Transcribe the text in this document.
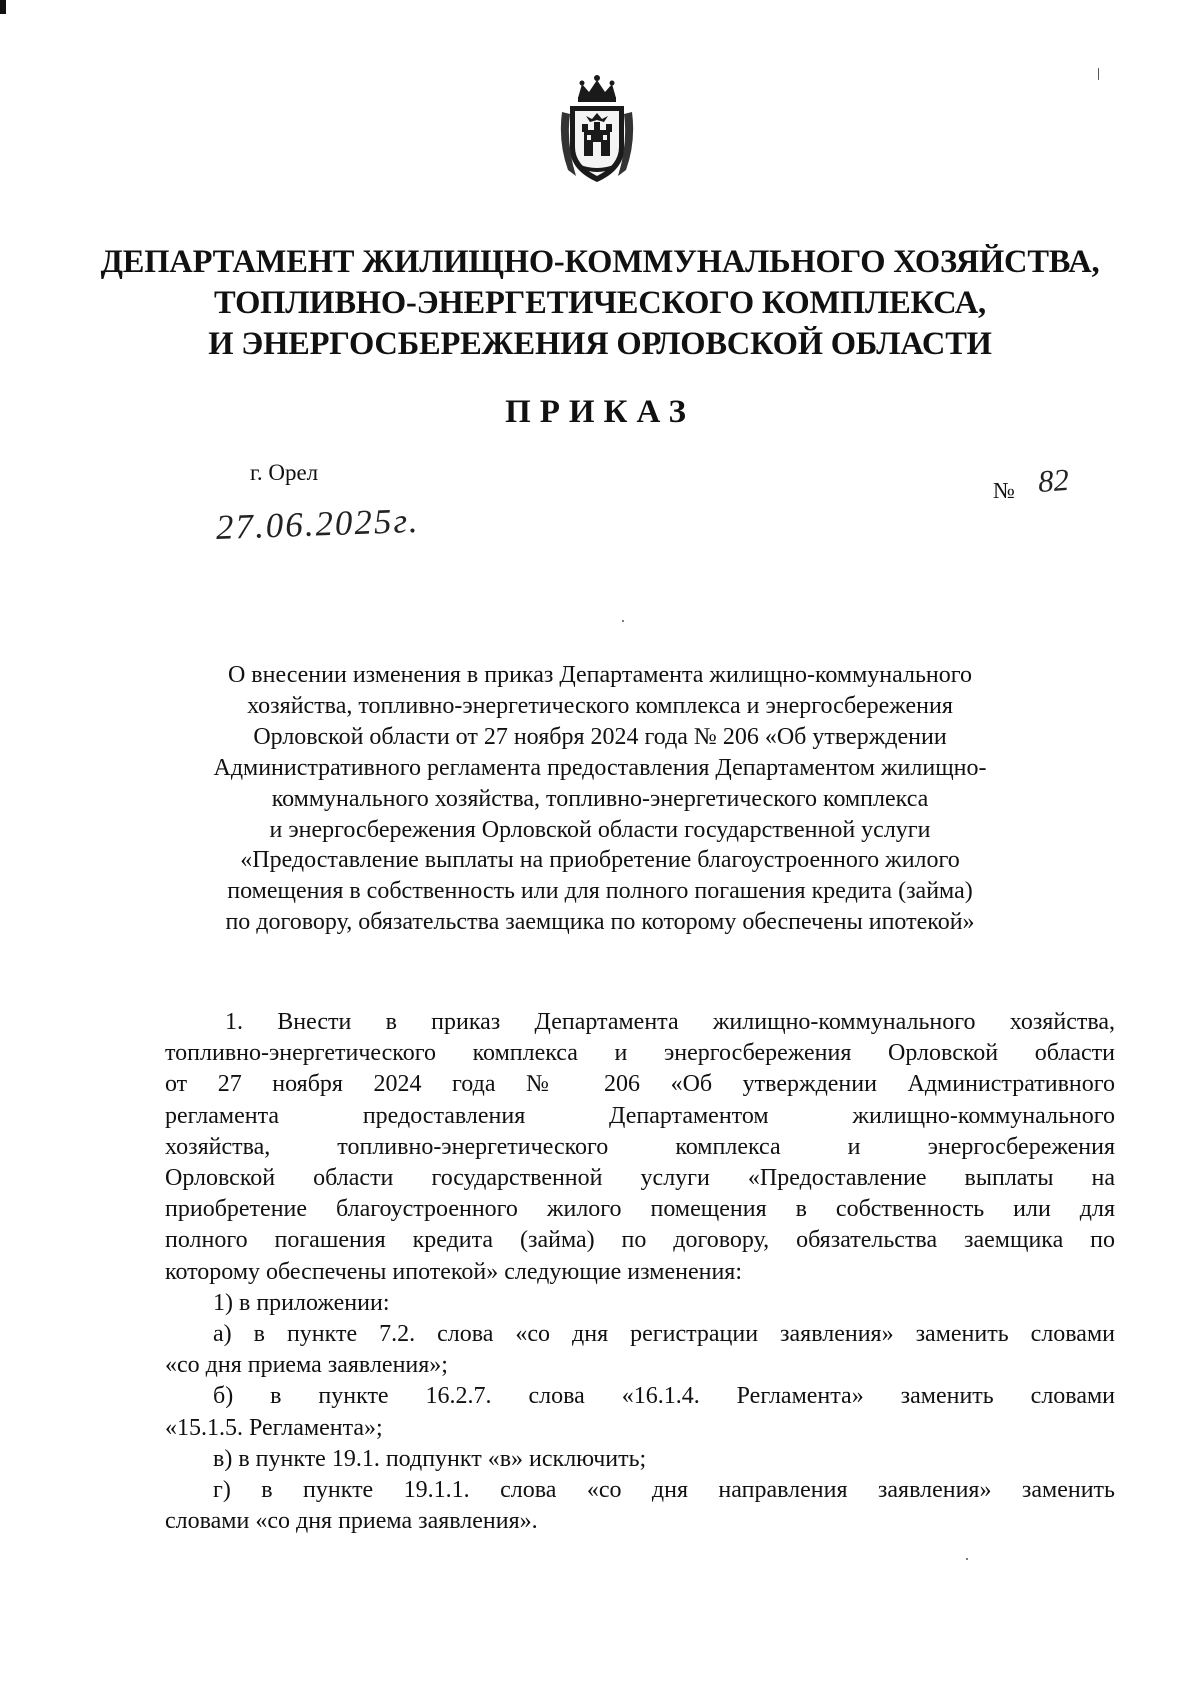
ДЕПАРТАМЕНТ ЖИЛИЩНО-КОММУНАЛЬНОГО ХОЗЯЙСТВА,
ТОПЛИВНО-ЭНЕРГЕТИЧЕСКОГО КОМПЛЕКСА,
И ЭНЕРГОСБЕРЕЖЕНИЯ ОРЛОВСКОЙ ОБЛАСТИ
ПРИКАЗ
г. Орел
№ 82
27.06.2025г.
О внесении изменения в приказ Департамента жилищно-коммунального
хозяйства, топливно-энергетического комплекса и энергосбережения
Орловской области от 27 ноября 2024 года № 206 «Об утверждении
Административного регламента предоставления Департаментом жилищно-
коммунального хозяйства, топливно-энергетического комплекса
и энергосбережения Орловской области государственной услуги
«Предоставление выплаты на приобретение благоустроенного жилого
помещения в собственность или для полного погашения кредита (займа)
по договору, обязательства заемщика по которому обеспечены ипотекой»
1. Внести в приказ Департамента жилищно-коммунального хозяйства,
топливно-энергетического комплекса и энергосбережения Орловской области
от 27 ноября 2024 года № 206 «Об утверждении Административного
регламента предоставления Департаментом жилищно-коммунального
хозяйства, топливно-энергетического комплекса и энергосбережения
Орловской области государственной услуги «Предоставление выплаты на
приобретение благоустроенного жилого помещения в собственность или для
полного погашения кредита (займа) по договору, обязательства заемщика по
которому обеспечены ипотекой» следующие изменения:
1) в приложении:
а) в пункте 7.2. слова «со дня регистрации заявления» заменить словами
«со дня приема заявления»;
б) в пункте 16.2.7. слова «16.1.4. Регламента» заменить словами
«15.1.5. Регламента»;
в) в пункте 19.1. подпункт «в» исключить;
г) в пункте 19.1.1. слова «со дня направления заявления» заменить
словами «со дня приема заявления».
